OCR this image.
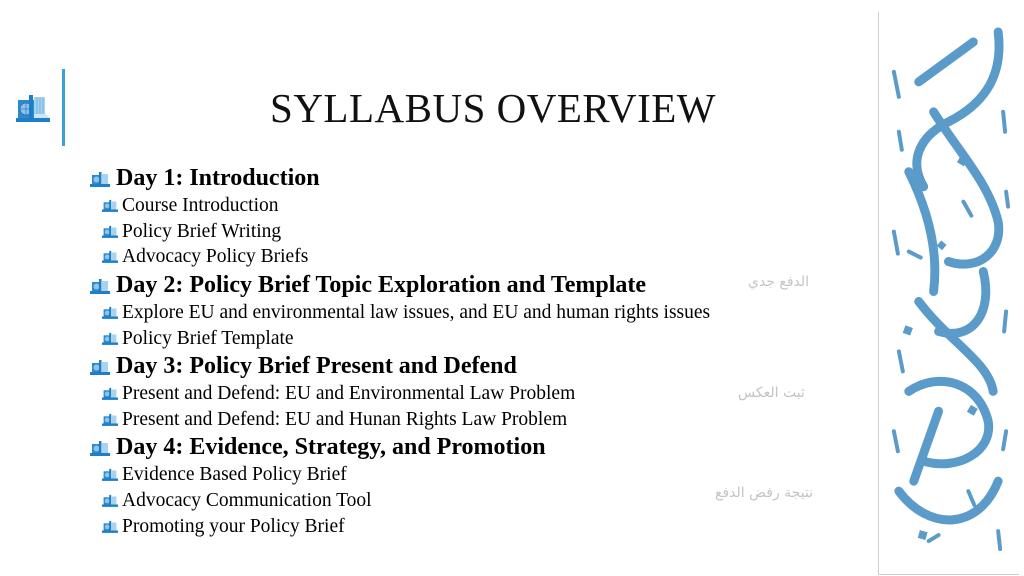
SYLLABUS OVERVIEW
Day 1: Introduction
Course Introduction
Policy Brief Writing
Advocacy Policy Briefs
Day 2: Policy Brief Topic Exploration and Template
Explore EU and environmental law issues, and EU and human rights issues
Policy Brief Template
Day 3: Policy Brief Present and Defend
Present and Defend: EU and Environmental Law Problem
Present and Defend: EU and Hunan Rights Law Problem
Day 4: Evidence, Strategy, and Promotion
Evidence Based Policy Brief
Advocacy Communication Tool
Promoting your Policy Brief
الدفع جدي
ثبت العكس
نتيجة رفض الدفع
